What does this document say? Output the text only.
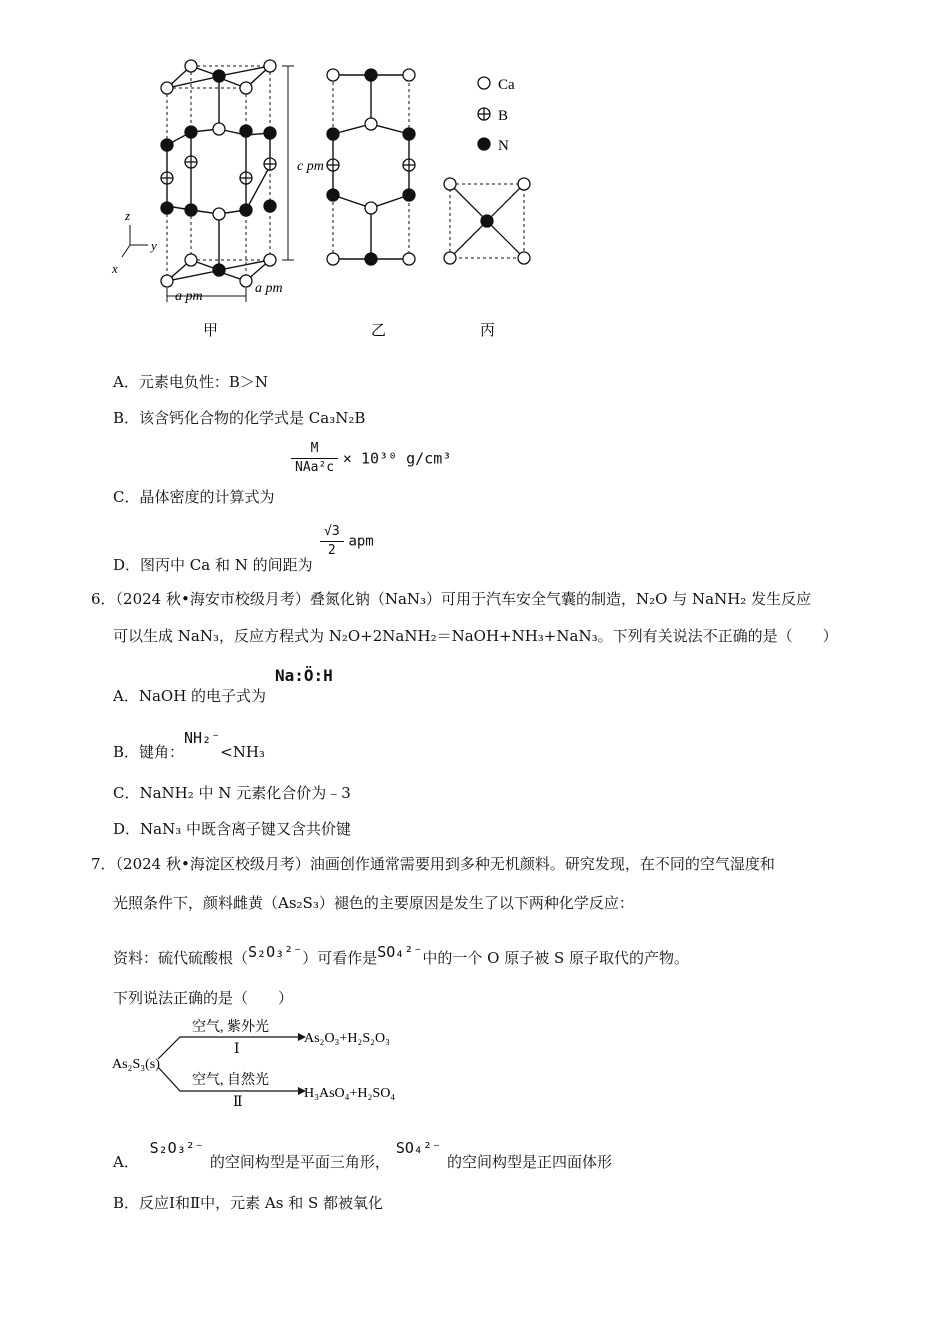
c pm
a pm
a pm
z
y
x
甲	乙
Ca
B
N
丙
A．元素电负性：B＞N
B．该含钙化合物的化学式是 Ca₃N₂B
$\frac{M}{\text{NAa²c}} \times 10^{30}$ g/cm³
C．晶体密度的计算式为
$\frac{√3}{2}$ apm
D．图丙中 Ca 和 N 的间距为
6．（2024 秋•海安市校级月考）叠氮化钠（NaN₃）可用于汽车安全气囊的制造，N₂O 与 NaNH₂ 发生反应
可以生成 NaN₃，反应方程式为 N₂O+2NaNH₂＝NaOH+NH₃+NaN₃。下列有关说法不正确的是（　　）
Na:Ö:H
A．NaOH 的电子式为
B．键角：NH₂⁻<NH₃
C．NaNH₂ 中 N 元素化合价为﹣3
D．NaN₃ 中既含离子键又含共价键
7．（2024 秋•海淀区校级月考）油画创作通常需要用到多种无机颜料。研究发现，在不同的空气湿度和
光照条件下，颜料雌黄（As₂S₃）褪色的主要原因是发生了以下两种化学反应：
资料：硫代硫酸根（S₂O₃²⁻）可看作是SO₄²⁻中的一个 O 原子被 S 原子取代的产物。
下列说法正确的是（　　）
As₂S₃(s)
空气, 紫外光
Ⅰ
As₂O₃+H₂S₂O₃
空气, 自然光
Ⅱ
H₃AsO₄+H₂SO₄
A． S₂O₃²⁻的空间构型是平面三角形，SO₄²⁻的空间构型是正四面体形
B．反应Ⅰ和Ⅱ中，元素 As 和 S 都被氧化
